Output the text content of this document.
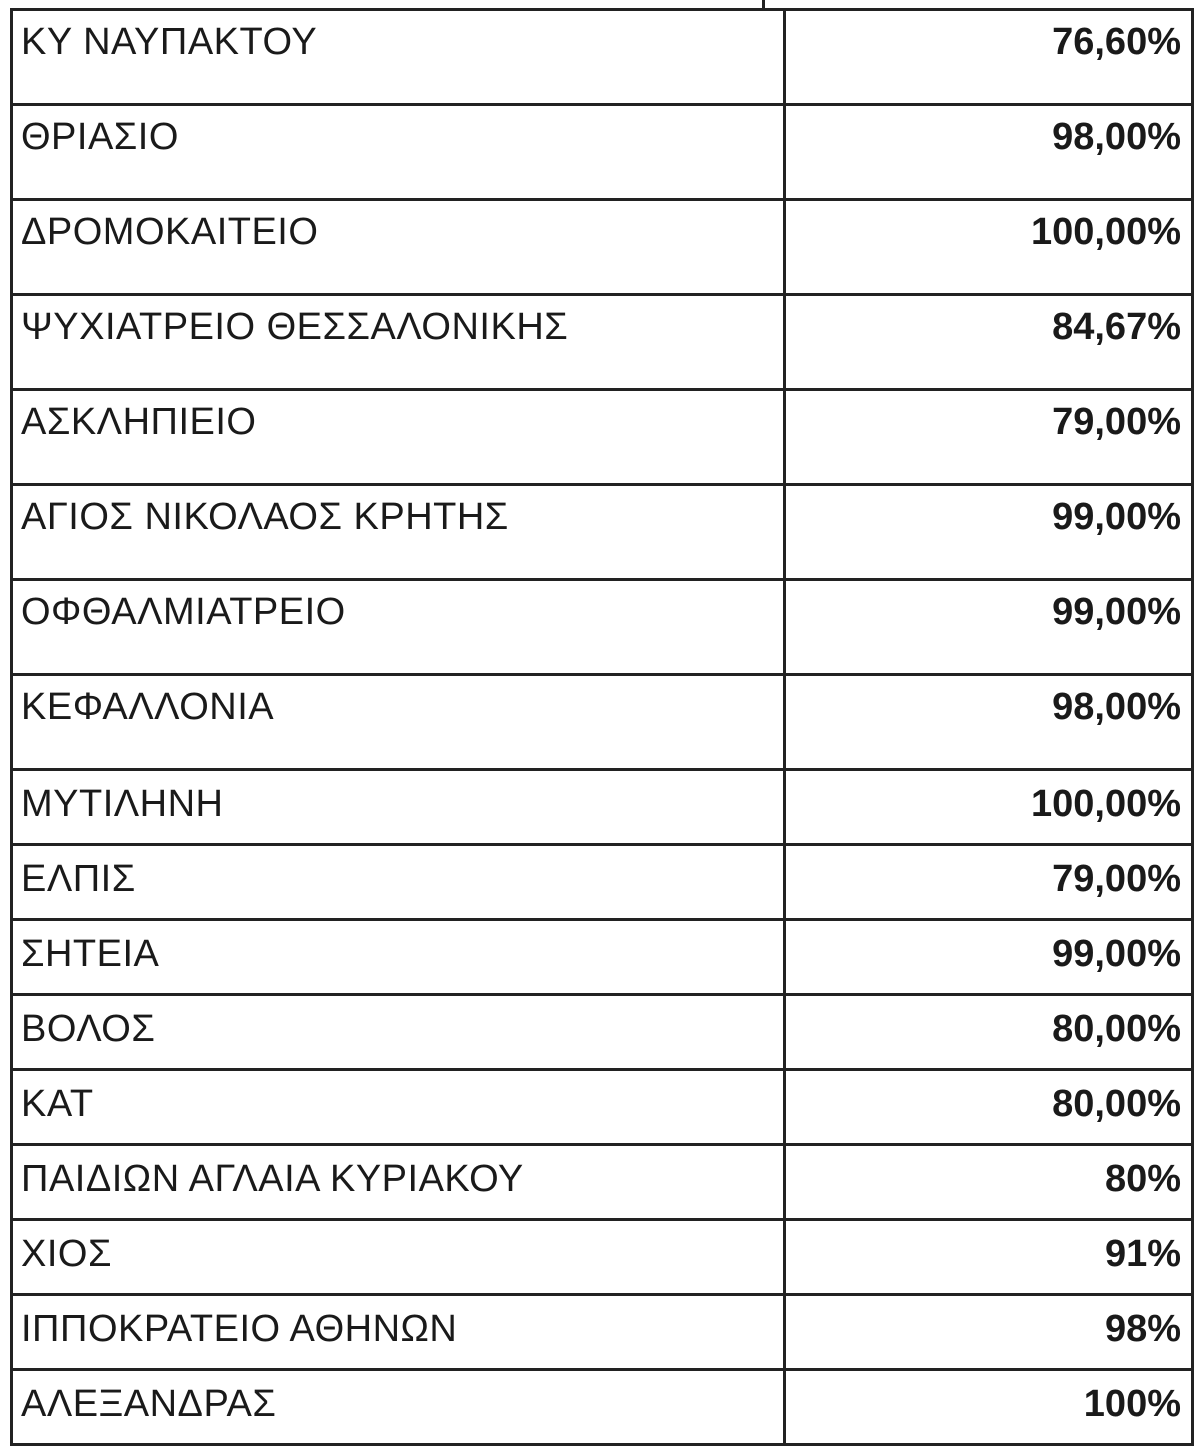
ΚΥ ΝΑΥΠΑΚΤΟΥ	76,60%
ΘΡΙΑΣΙΟ	98,00%
ΔΡΟΜΟΚΑΙΤΕΙΟ	100,00%
ΨΥΧΙΑΤΡΕΙΟ ΘΕΣΣΑΛΟΝΙΚΗΣ	84,67%
ΑΣΚΛΗΠΙΕΙΟ	79,00%
ΑΓΙΟΣ ΝΙΚΟΛΑΟΣ ΚΡΗΤΗΣ	99,00%
ΟΦΘΑΛΜΙΑΤΡΕΙΟ	99,00%
ΚΕΦΑΛΛΟΝΙΑ	98,00%
ΜΥΤΙΛΗΝΗ	100,00%
ΕΛΠΙΣ	79,00%
ΣΗΤΕΙΑ	99,00%
ΒΟΛΟΣ	80,00%
ΚΑΤ	80,00%
ΠΑΙΔΙΩΝ ΑΓΛΑΙΑ ΚΥΡΙΑΚΟΥ	80%
ΧΙΟΣ	91%
ΙΠΠΟΚΡΑΤΕΙΟ ΑΘΗΝΩΝ	98%
ΑΛΕΞΑΝΔΡΑΣ	100%
